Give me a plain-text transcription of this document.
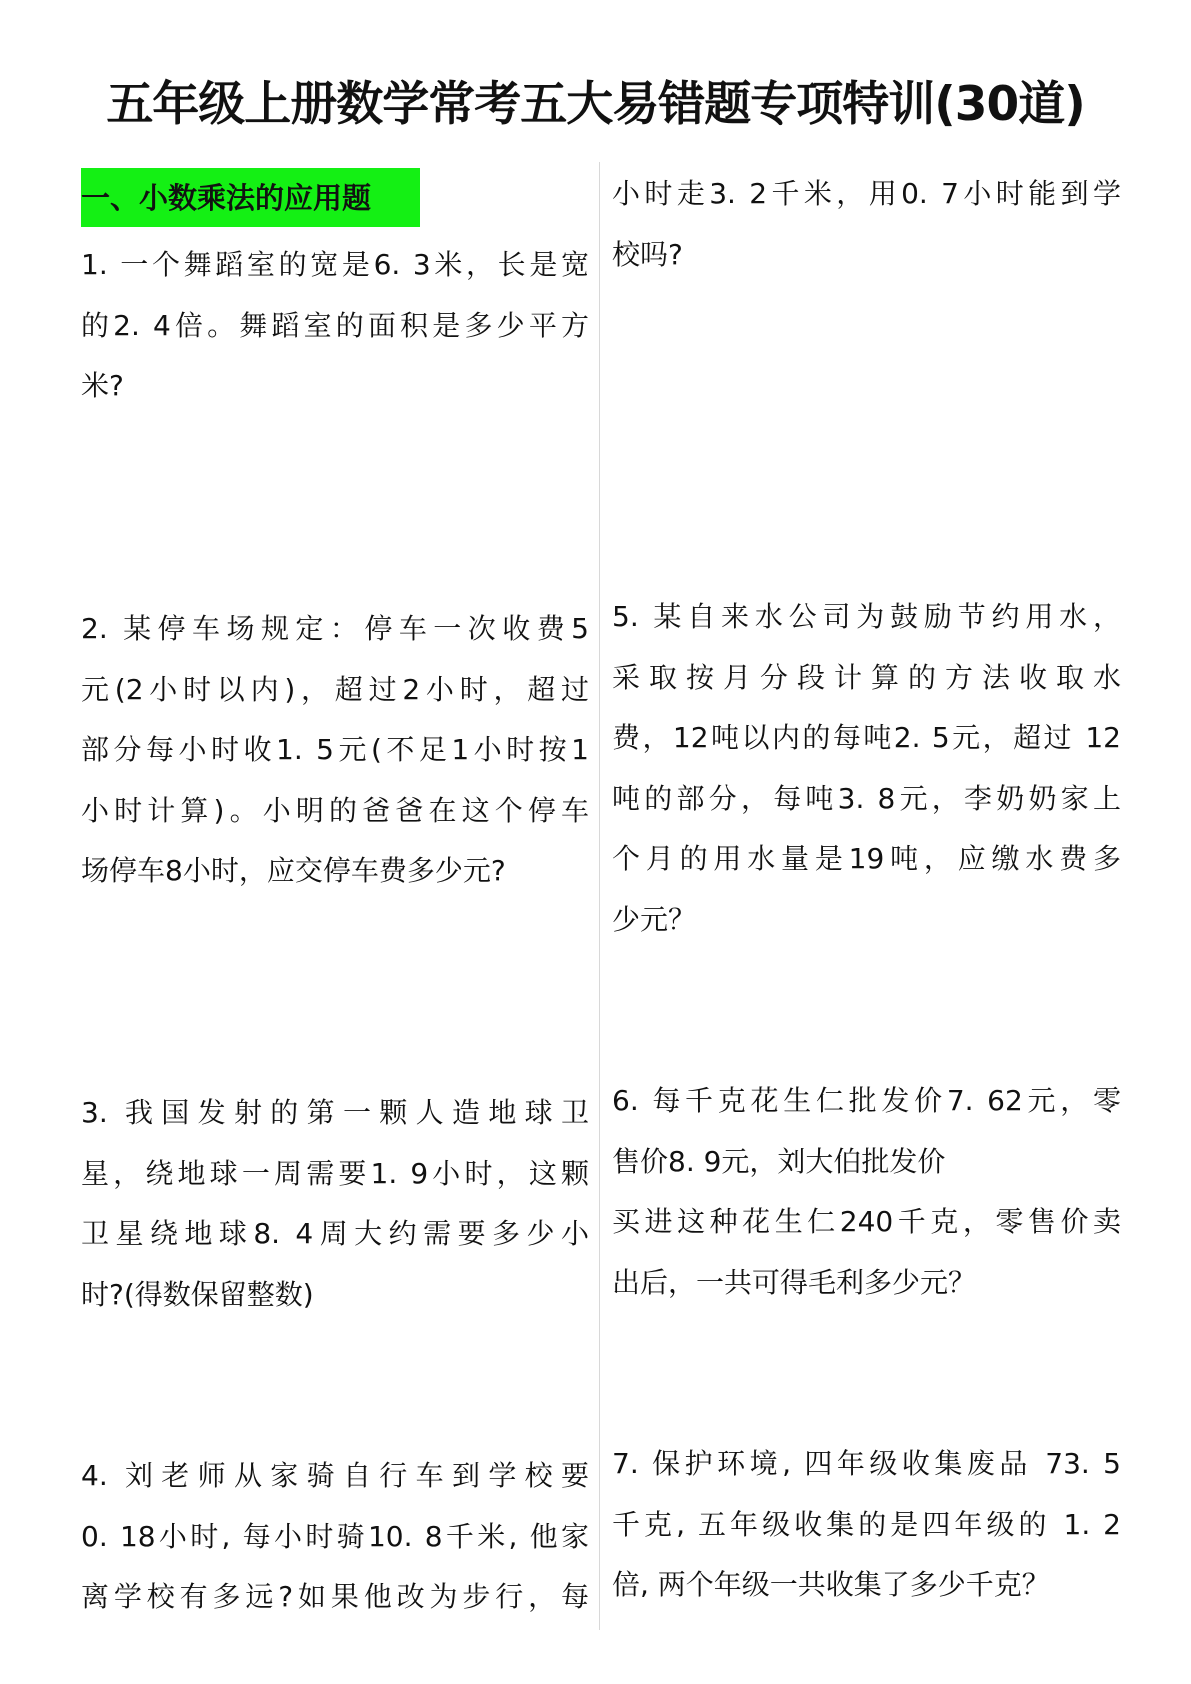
五年级上册数学常考五大易错题专项特训(30道)
一、小数乘法的应用题
1. 一个舞蹈室的宽是6. 3米，长是宽
的2. 4倍。舞蹈室的面积是多少平方
米?
2. 某停车场规定：停车一次收费5
元(2小时以内)，超过2小时，超过
部分每小时收1. 5元(不足1小时按1
小时计算)。小明的爸爸在这个停车
场停车8小时，应交停车费多少元?
3. 我国发射的第一颗人造地球卫
星，绕地球一周需要1. 9小时，这颗
卫星绕地球8. 4周大约需要多少小
时?(得数保留整数)
4. 刘老师从家骑自行车到学校要
0. 18小时, 每小时骑10. 8千米, 他家
离学校有多远?如果他改为步行，每
小时走3. 2千米，用0. 7小时能到学
校吗?
5. 某自来水公司为鼓励节约用水，
采取按月分段计算的方法收取水
费，12吨以内的每吨2. 5元，超过 12
吨的部分，每吨3. 8元，李奶奶家上
个月的用水量是19吨，应缴水费多
少元？
6. 每千克花生仁批发价7. 62元，零
售价8. 9元，刘大伯批发价
买进这种花生仁240千克，零售价卖
出后，一共可得毛利多少元？
7. 保护环境, 四年级收集废品 73. 5
千克, 五年级收集的是四年级的 1. 2
倍, 两个年级一共收集了多少千克？
